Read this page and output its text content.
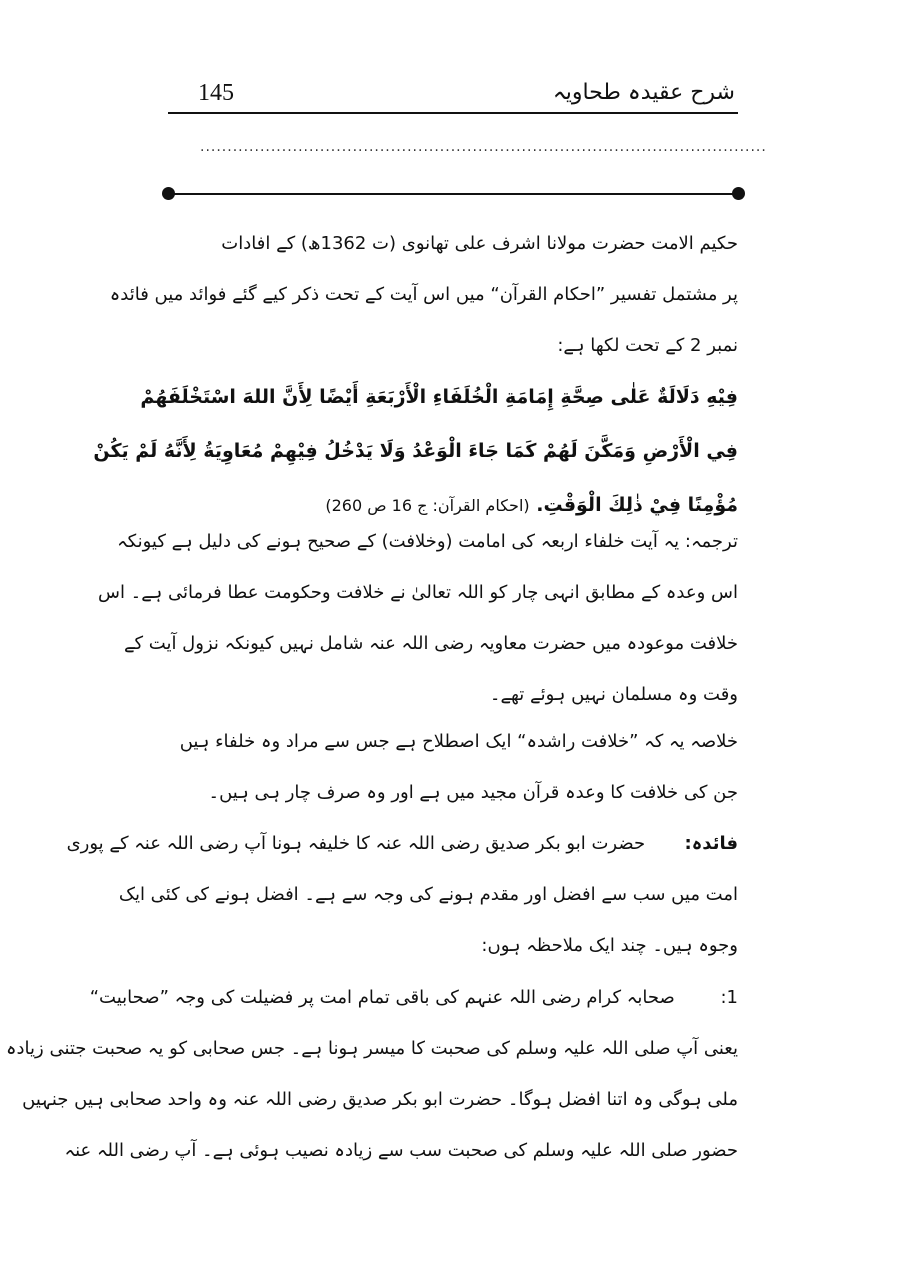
145	شرح عقیدہ طحاویہ
........................................................................................................
حکیم الامت حضرت مولانا اشرف علی تھانوی (ت 1362ھ) کے افادات
پر مشتمل تفسیر ”احکام القرآن“ میں اس آیت کے تحت ذکر کیے گئے فوائد میں فائدہ
نمبر 2 کے تحت لکھا ہے:
فِيْهِ دَلَالَةٌ عَلٰى صِحَّةِ إِمَامَةِ الْخُلَفَاءِ الْأَرْبَعَةِ أَيْضًا لِأَنَّ اللهَ اسْتَخْلَفَهُمْ
فِي الْأَرْضِ وَمَكَّنَ لَهُمْ كَمَا جَاءَ الْوَعْدُ وَلَا يَدْخُلُ فِيْهِمْ مُعَاوِيَةُ لِأَنَّهُ لَمْ يَكُنْ
مُؤْمِنًا فِيْ ذٰلِكَ الْوَقْتِ. (احکام القرآن: ج 16 ص 260)
ترجمہ: یہ آیت خلفاء اربعہ کی امامت (وخلافت) کے صحیح ہونے کی دلیل ہے کیونکہ
اس وعدہ کے مطابق انہی چار کو اللہ تعالیٰ نے خلافت وحکومت عطا فرمائی ہے۔ اس
خلافت موعودہ میں حضرت معاویہ رضی اللہ عنہ شامل نہیں کیونکہ نزول آیت کے
وقت وہ مسلمان نہیں ہوئے تھے۔
خلاصہ یہ کہ ”خلافت راشدہ“ ایک اصطلاح ہے جس سے مراد وہ خلفاء ہیں
جن کی خلافت کا وعدہ قرآن مجید میں ہے اور وہ صرف چار ہی ہیں۔
فائدہ:  حضرت ابو بکر صدیق رضی اللہ عنہ کا خلیفہ ہونا آپ رضی اللہ عنہ کے پوری
امت میں سب سے افضل اور مقدم ہونے کی وجہ سے ہے۔ افضل ہونے کی کئی ایک
وجوہ ہیں۔ چند ایک ملاحظہ ہوں:
1: صحابہ کرام رضی اللہ عنہم کی باقی تمام امت پر فضیلت کی وجہ ”صحابیت“
یعنی آپ صلی اللہ علیہ وسلم کی صحبت کا میسر ہونا ہے۔ جس صحابی کو یہ صحبت جتنی زیادہ
ملی ہوگی وہ اتنا افضل ہوگا۔ حضرت ابو بکر صدیق رضی اللہ عنہ وہ واحد صحابی ہیں جنہیں
حضور صلی اللہ علیہ وسلم کی صحبت سب سے زیادہ نصیب ہوئی ہے۔ آپ رضی اللہ عنہ
